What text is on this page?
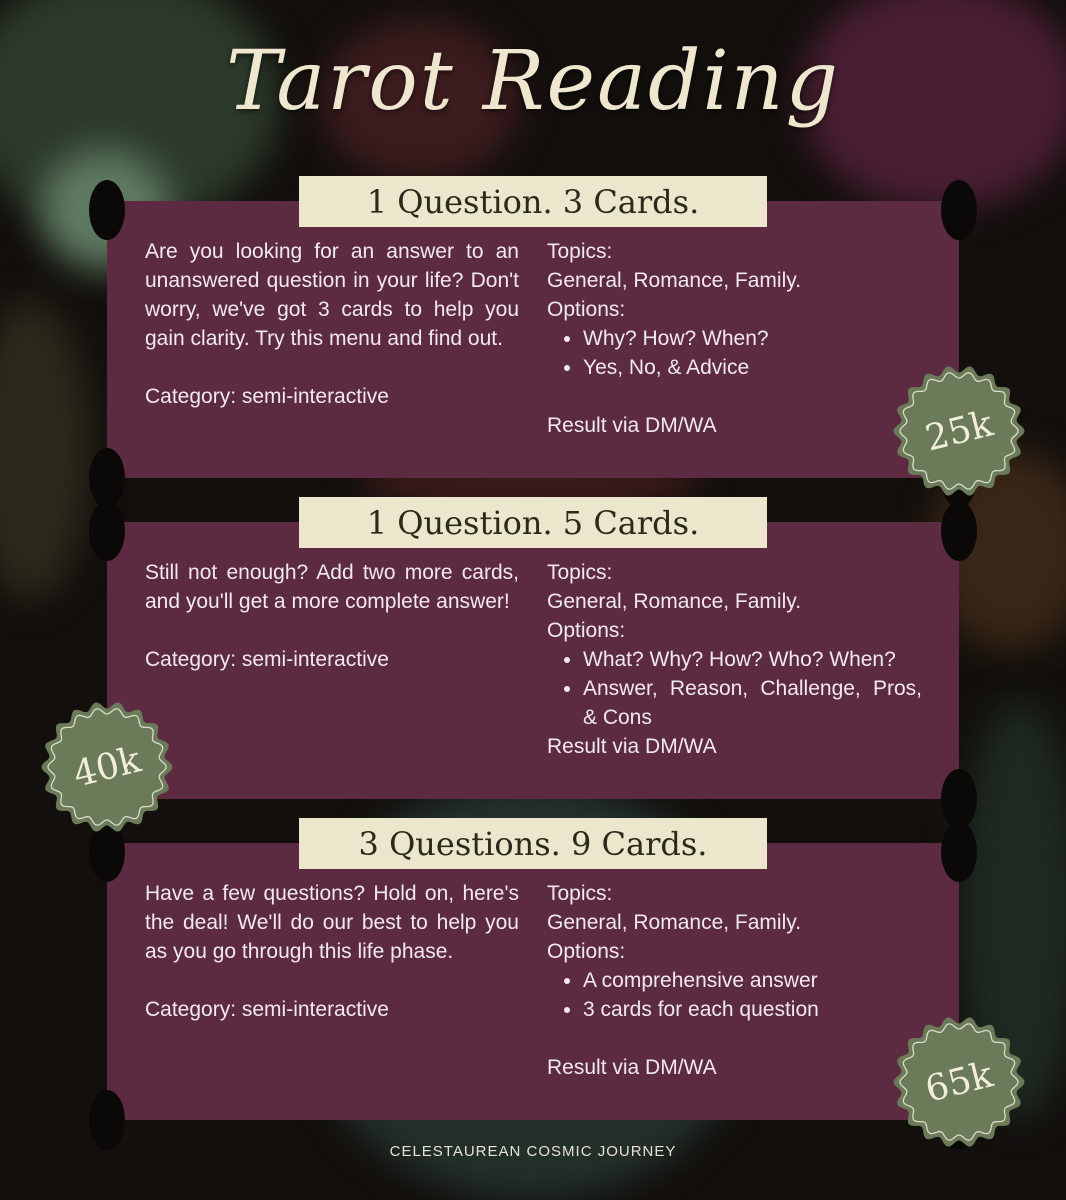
Tarot Reading

Are you looking for an answer to an unanswered question in your life? Don't worry, we've got 3 cards to help you gain clarity. Try this menu and find out.

Category: semi-interactive

Topics:

General, Romance, Family.

Options:

• Why? How? When?
• Yes, No, & Advice

Result via DM/WA

Still not enough? Add two more cards, and you'll get a more complete answer!

Category: semi-interactive

Topics:

General, Romance, Family.

Options:

• What? Why? How? Who? When?
• Answer, Reason, Challenge, Pros, & Cons

Result via DM/WA

Have a few questions? Hold on, here's the deal! We'll do our best to help you as you go through this life phase.

Category: semi-interactive

Topics:

General, Romance, Family.

Options:

• A comprehensive answer
• 3 cards for each question

Result via DM/WA

1 Question. 3 Cards.
1 Question. 5 Cards.
3 Questions. 9 Cards.
25k
40k
65k
CELESTAUREAN COSMIC JOURNEY
